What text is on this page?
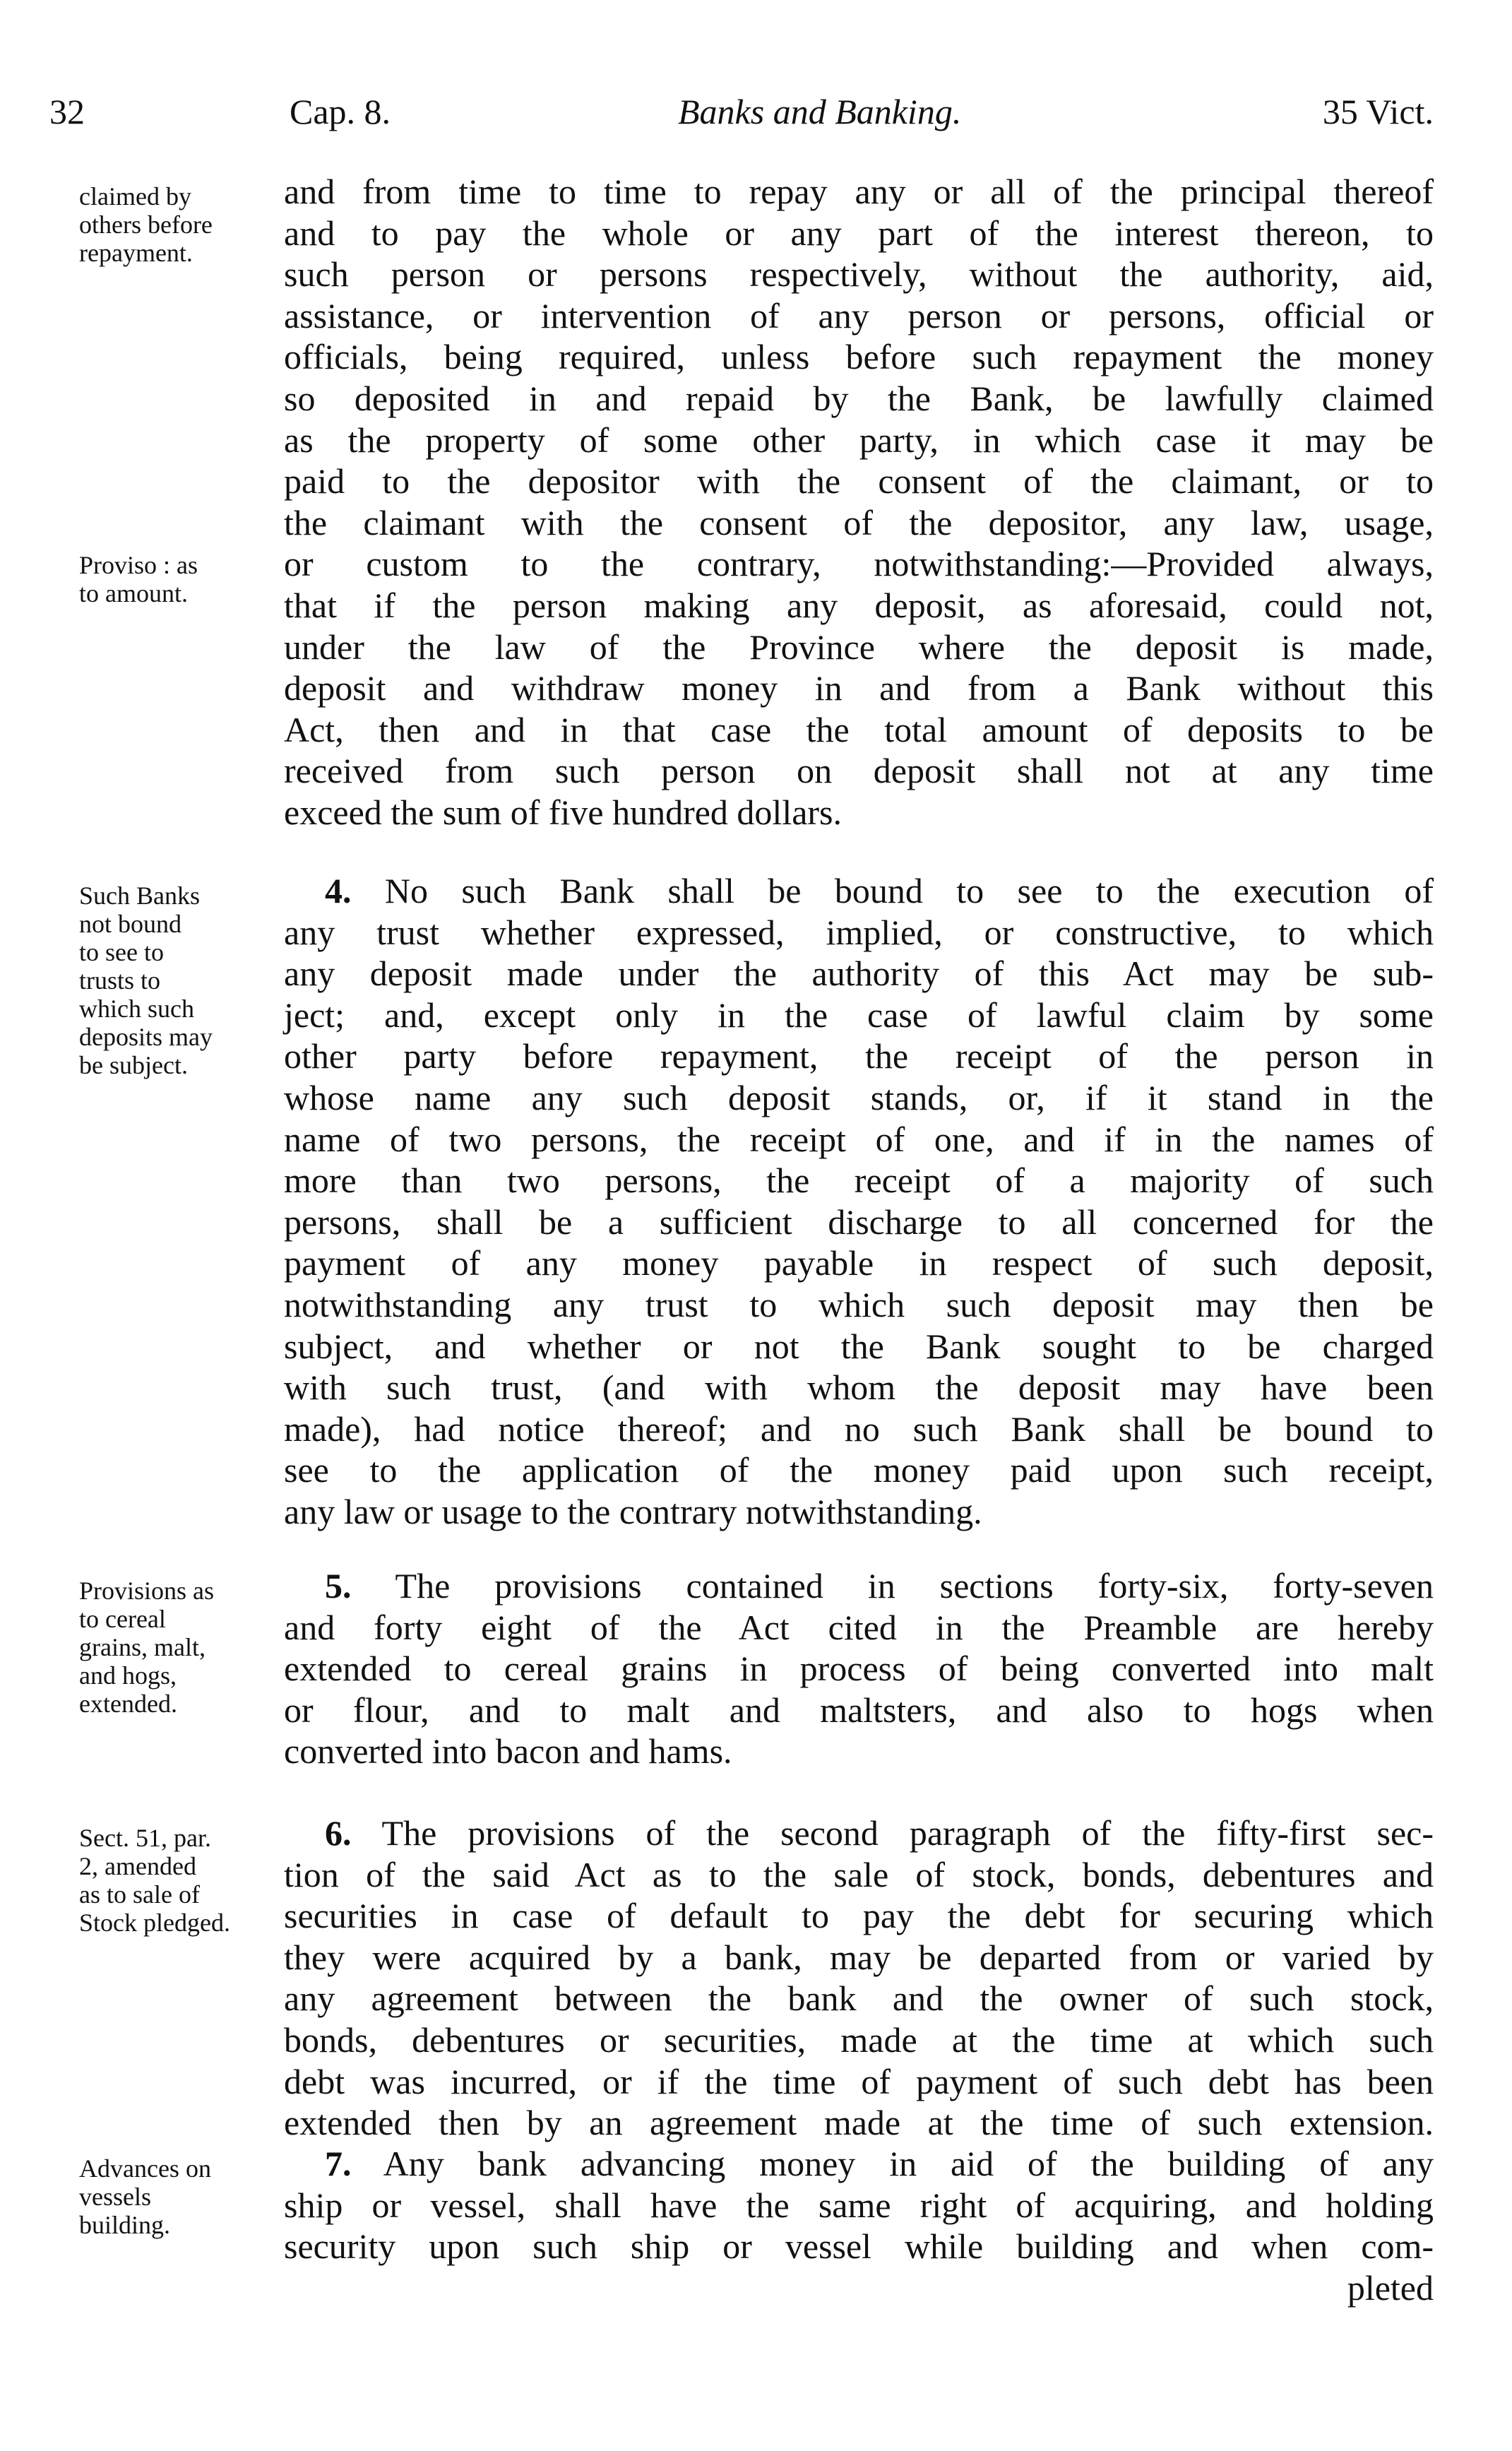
32	Cap. 8.	Banks and Banking.	35 Vict.
claimed by
others before
repayment.
Proviso : as
to amount.
Such Banks
not bound
to see to
trusts to
which such
deposits may
be subject.
Provisions as
to cereal
grains, malt,
and hogs,
extended.
Sect. 51, par.
2, amended
as to sale of
Stock pledged.
Advances on
vessels
building.
and from time to time to repay any or all of the principal thereof
and to pay the whole or any part of the interest thereon, to
such person or persons respectively, without the authority, aid,
assistance, or intervention of any person or persons, official or
officials, being required, unless before such repayment the money
so deposited in and repaid by the Bank, be lawfully claimed
as the property of some other party, in which case it may be
paid to the depositor with the consent of the claimant, or to
the claimant with the consent of the depositor, any law, usage,
or custom to the contrary, notwithstanding:—Provided always,
that if the person making any deposit, as aforesaid, could not,
under the law of the Province where the deposit is made,
deposit and withdraw money in and from a Bank without this
Act, then and in that case the total amount of deposits to be
received from such person on deposit shall not at any time
exceed the sum of five hundred dollars.
4. No such Bank shall be bound to see to the execution of
any trust whether expressed, implied, or constructive, to which
any deposit made under the authority of this Act may be sub-
ject; and, except only in the case of lawful claim by some
other party before repayment, the receipt of the person in
whose name any such deposit stands, or, if it stand in the
name of two persons, the receipt of one, and if in the names of
more than two persons, the receipt of a majority of such
persons, shall be a sufficient discharge to all concerned for the
payment of any money payable in respect of such deposit,
notwithstanding any trust to which such deposit may then be
subject, and whether or not the Bank sought to be charged
with such trust, (and with whom the deposit may have been
made), had notice thereof; and no such Bank shall be bound to
see to the application of the money paid upon such receipt,
any law or usage to the contrary notwithstanding.
5. The provisions contained in sections forty-six, forty-seven
and forty eight of the Act cited in the Preamble are hereby
extended to cereal grains in process of being converted into malt
or flour, and to malt and maltsters, and also to hogs when
converted into bacon and hams.
6. The provisions of the second paragraph of the fifty-first sec-
tion of the said Act as to the sale of stock, bonds, debentures and
securities in case of default to pay the debt for securing which
they were acquired by a bank, may be departed from or varied by
any agreement between the bank and the owner of such stock,
bonds, debentures or securities, made at the time at which such
debt was incurred, or if the time of payment of such debt has been
extended then by an agreement made at the time of such extension.
7. Any bank advancing money in aid of the building of any
ship or vessel, shall have the same right of acquiring, and holding
security upon such ship or vessel while building and when com-
pleted
